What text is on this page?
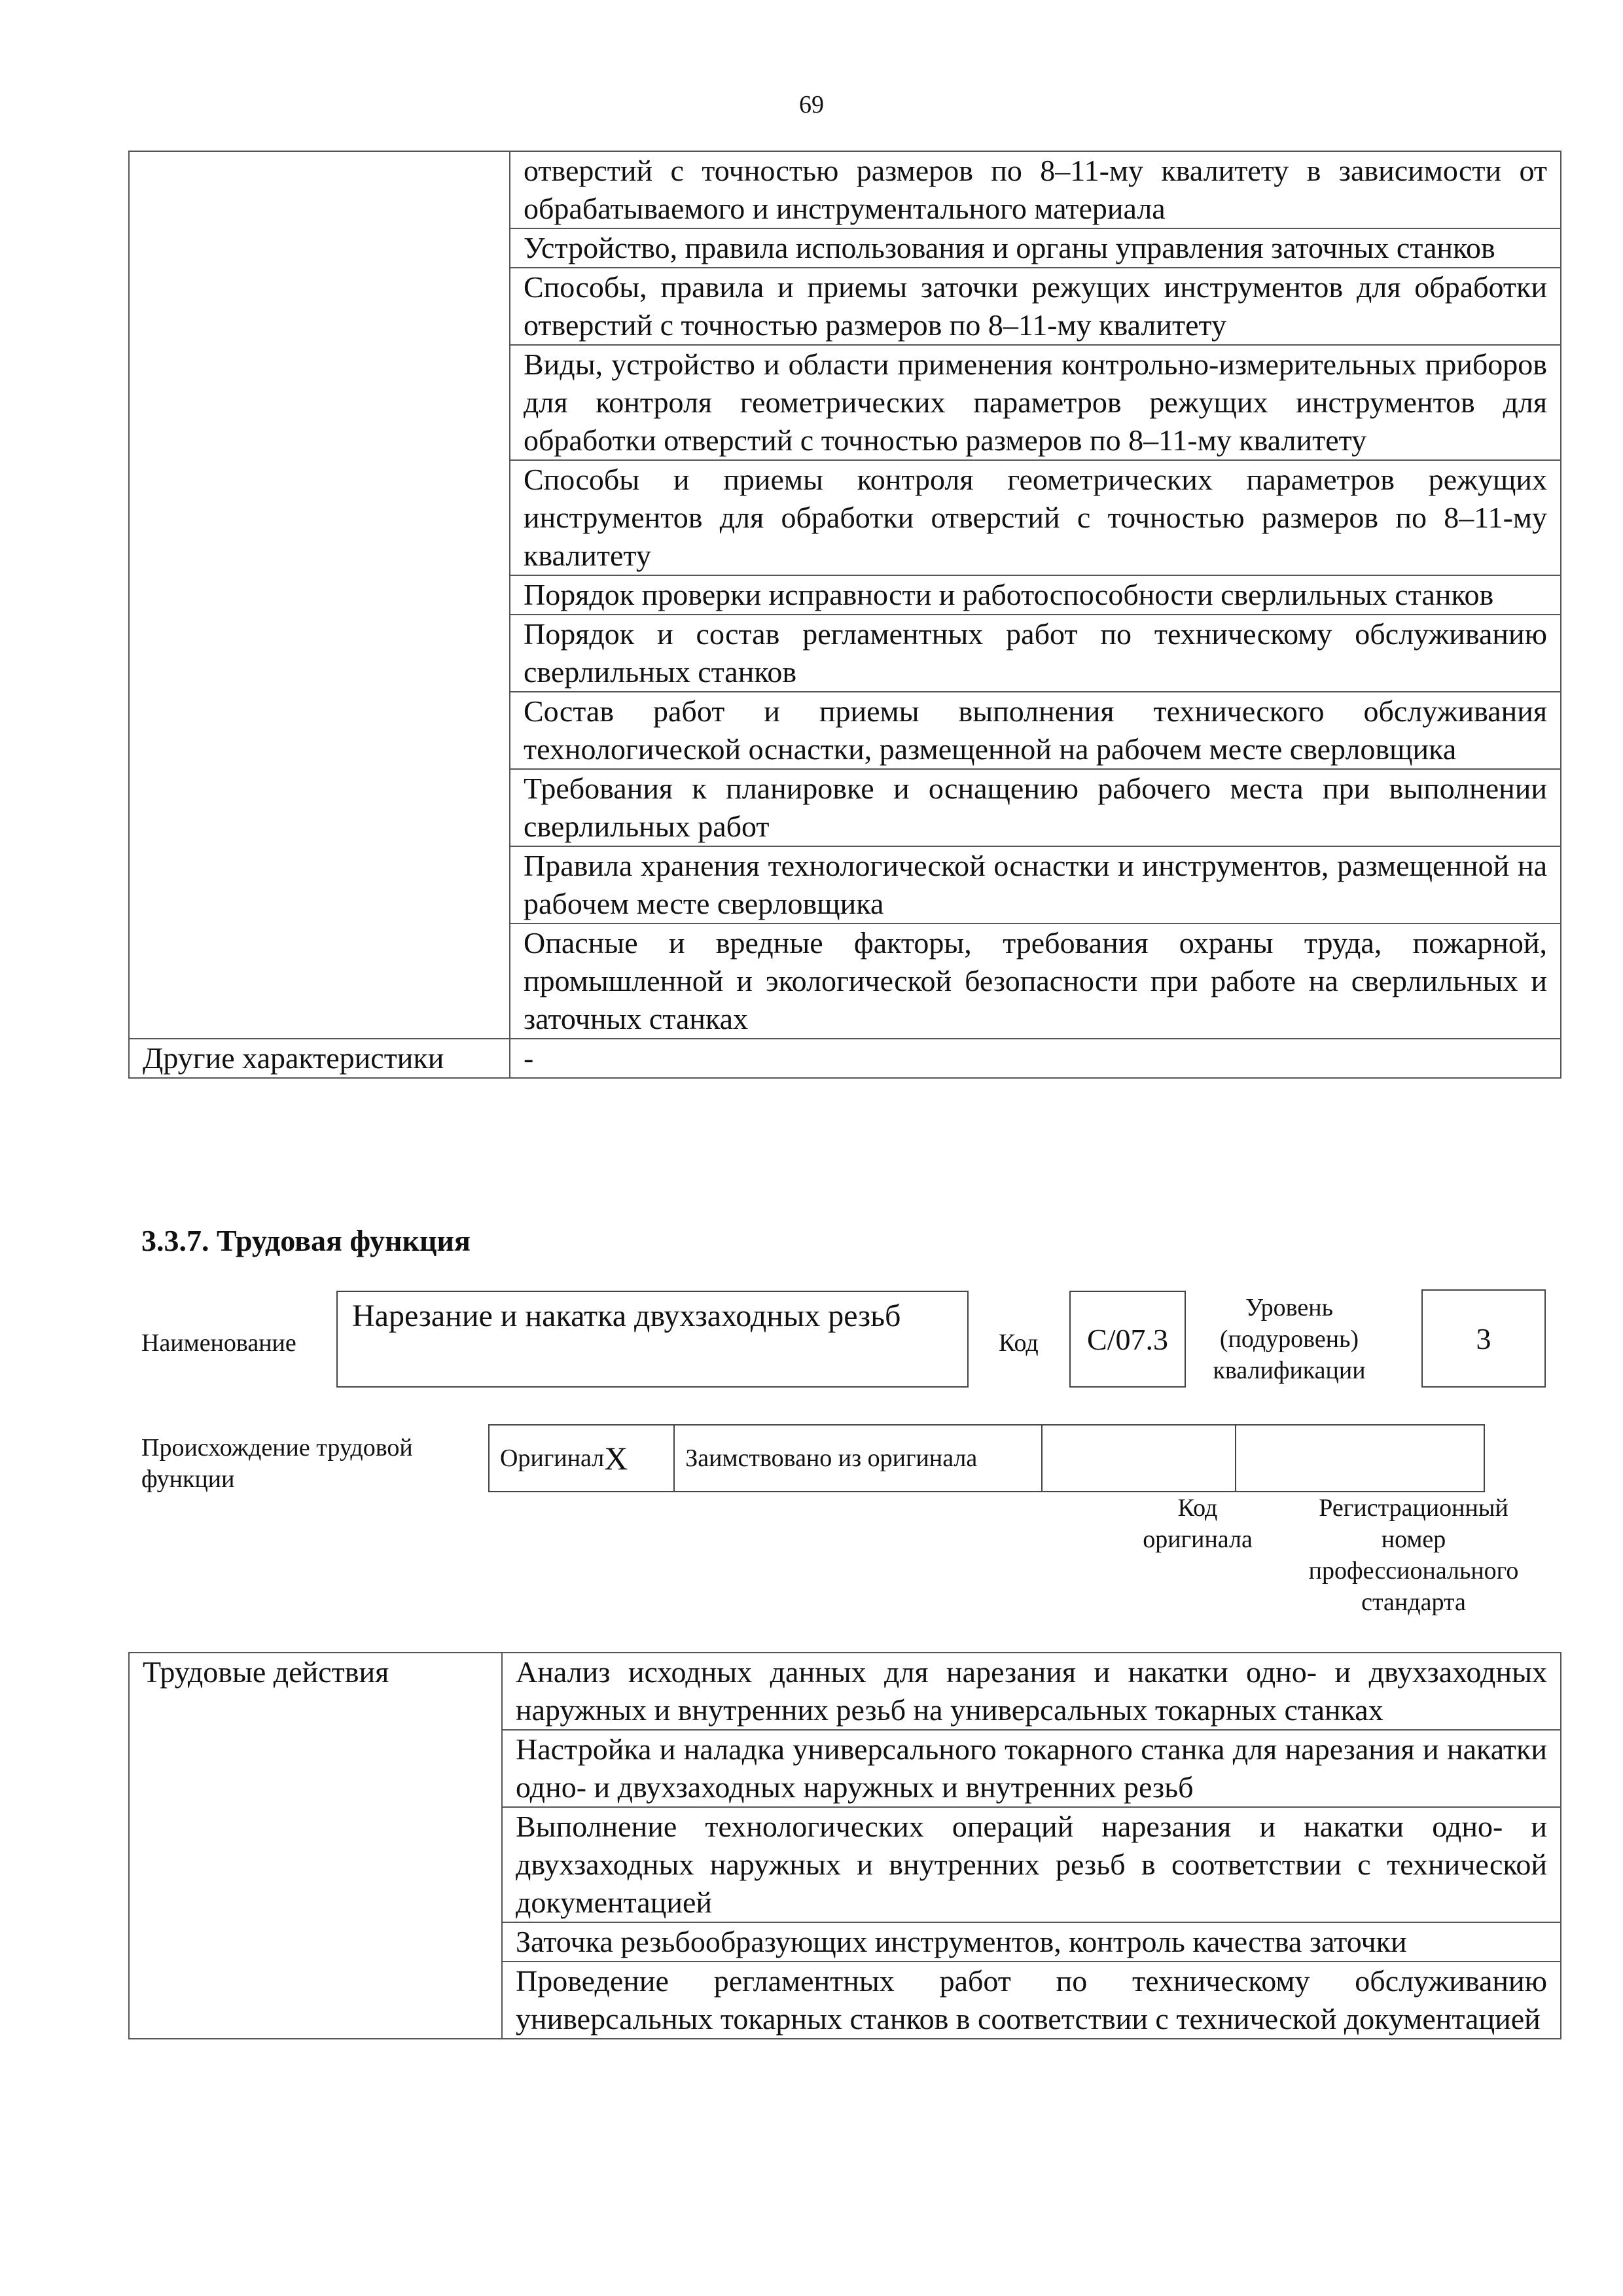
69
	отверстий с точностью размеров по 8–11-му квалитету в зависимости от обрабатываемого и инструментального материала
	Устройство, правила использования и органы управления заточных станков
	Способы, правила и приемы заточки режущих инструментов для обработки отверстий с точностью размеров по 8–11-му квалитету
	Виды, устройство и области применения контрольно-измерительных приборов для контроля геометрических параметров режущих инструментов для обработки отверстий с точностью размеров по 8–11-му квалитету
	Способы и приемы контроля геометрических параметров режущих инструментов для обработки отверстий с точностью размеров по 8–11-му квалитету
	Порядок проверки исправности и работоспособности сверлильных станков
	Порядок и состав регламентных работ по техническому обслуживанию сверлильных станков
	Состав работ и приемы выполнения технического обслуживания технологической оснастки, размещенной на рабочем месте сверловщика
	Требования к планировке и оснащению рабочего места при выполнении сверлильных работ
	Правила хранения технологической оснастки и инструментов, размещенной на рабочем месте сверловщика
	Опасные и вредные факторы, требования охраны труда, пожарной, промышленной и экологической безопасности при работе на сверлильных и заточных станках
Другие характеристики	-
3.3.7. Трудовая функция
Наименование
Нарезание и накатка двухзаходных резьб
Код	C/07.3
Уровень
(подуровень)
квалификации
3
Происхождение трудовой функции
Оригинал	X	Заимствовано из оригинала		
Код
оригинала
Регистрационный
номер
профессионального
стандарта
Трудовые действия	Анализ исходных данных для нарезания и накатки одно- и двухзаходных наружных и внутренних резьб на универсальных токарных станках
Настройка и наладка универсального токарного станка для нарезания и накатки одно- и двухзаходных наружных и внутренних резьб
Выполнение технологических операций нарезания и накатки одно- и двухзаходных наружных и внутренних резьб в соответствии с технической документацией
Заточка резьбообразующих инструментов, контроль качества заточки
Проведение регламентных работ по техническому обслуживанию универсальных токарных станков в соответствии с технической документацией
